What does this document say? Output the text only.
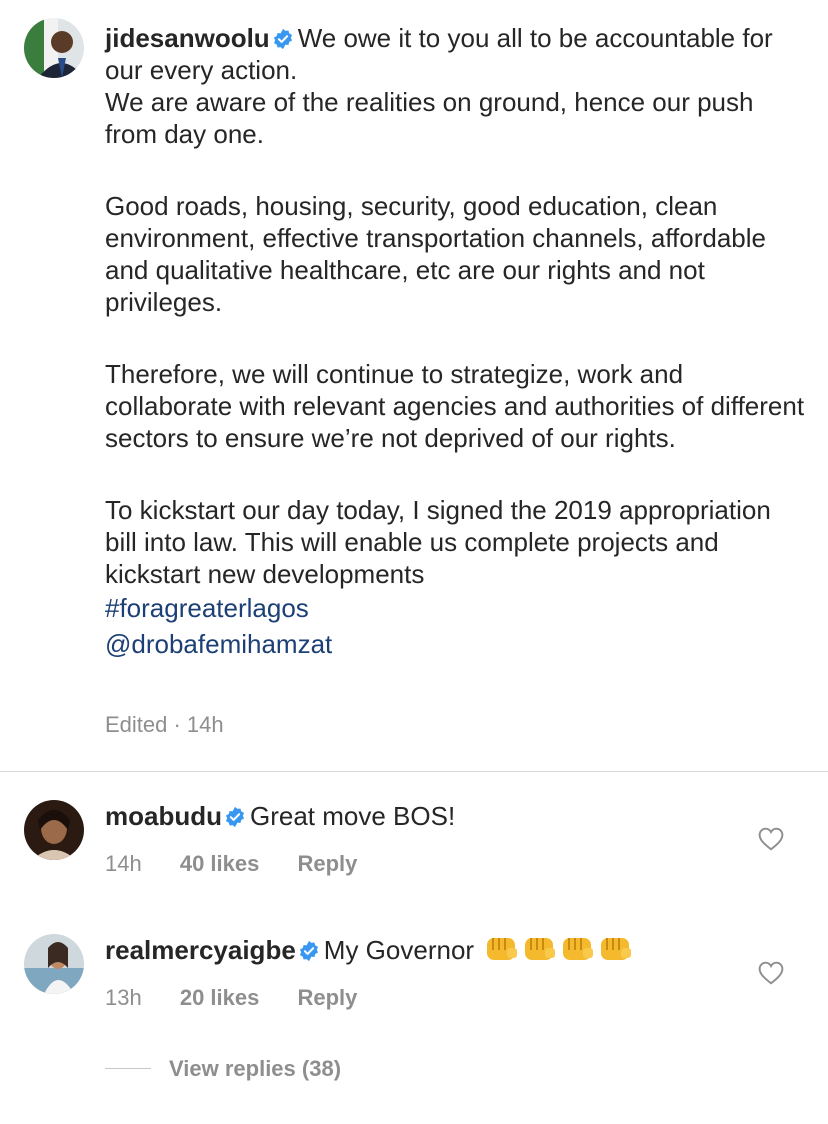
jidesanwoolu We owe it to you all to be accountable for our every action.

We are aware of the realities on ground, hence our push from day one.

Good roads, housing, security, good education, clean environment, effective transportation channels, affordable and qualitative healthcare, etc are our rights and not privileges.

Therefore, we will continue to strategize, work and collaborate with relevant agencies and authorities of different sectors to ensure we’re not deprived of our rights.

To kickstart our day today, I signed the 2019 appropriation bill into law. This will enable us complete projects and kickstart new developments

#foragreaterlagos
@drobafemihamzat
Edited · 14h
moabudu Great move BOS!
14h 40 likes Reply
realmercyaigbe My Governor
13h 20 likes Reply
View replies (38)
